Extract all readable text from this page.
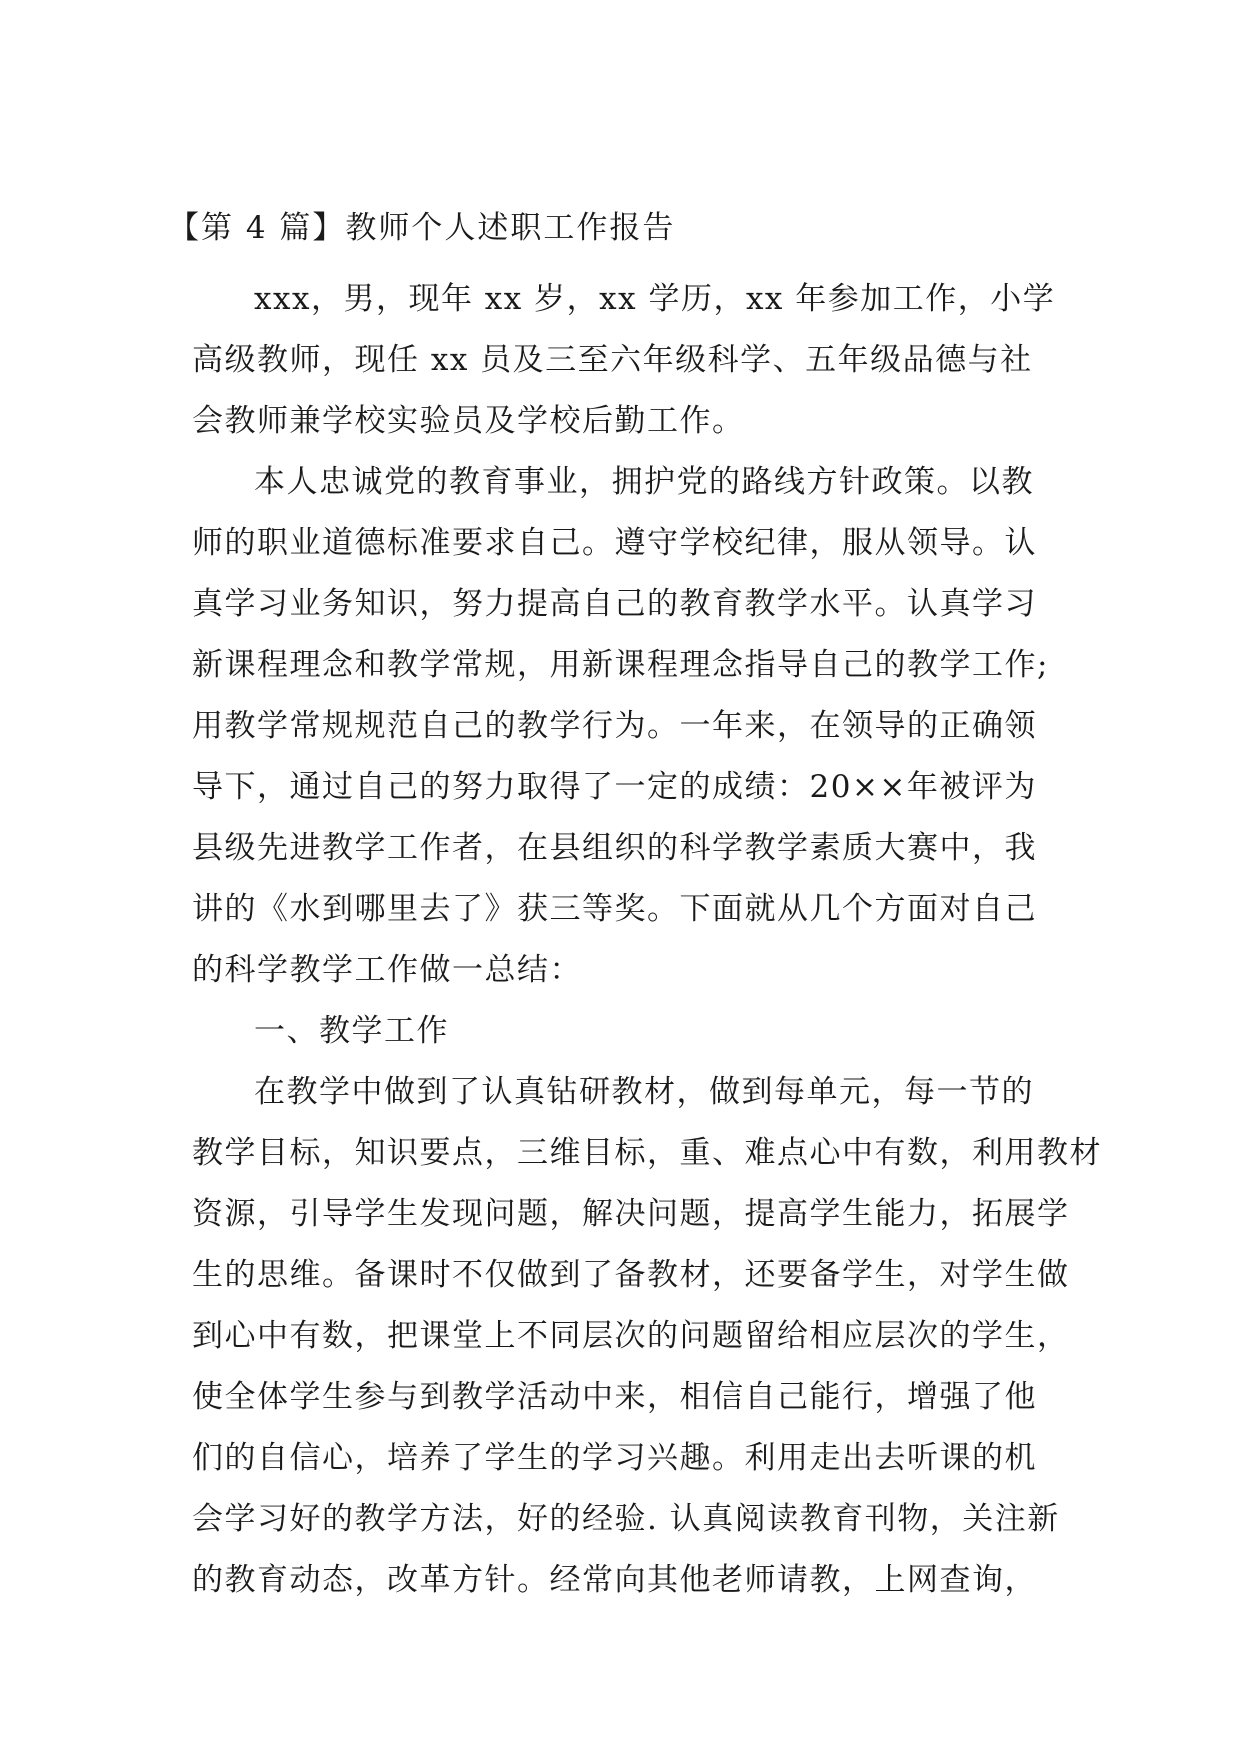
【第 4 篇】教师个人述职工作报告

xxx，男，现年 xx 岁，xx 学历，xx 年参加工作，小学
高级教师，现任 xx 员及三至六年级科学、五年级品德与社
会教师兼学校实验员及学校后勤工作。

本人忠诚党的教育事业，拥护党的路线方针政策。以教
师的职业道德标准要求自己。遵守学校纪律，服从领导。认
真学习业务知识，努力提高自己的教育教学水平。认真学习
新课程理念和教学常规，用新课程理念指导自己的教学工作;
用教学常规规范自己的教学行为。一年来，在领导的正确领
导下，通过自己的努力取得了一定的成绩：20××年被评为
县级先进教学工作者，在县组织的科学教学素质大赛中，我
讲的《水到哪里去了》获三等奖。下面就从几个方面对自己
的科学教学工作做一总结：

一、教学工作

在教学中做到了认真钻研教材，做到每单元，每一节的
教学目标，知识要点，三维目标，重、难点心中有数，利用教材
资源，引导学生发现问题，解决问题，提高学生能力，拓展学
生的思维。备课时不仅做到了备教材，还要备学生，对学生做
到心中有数，把课堂上不同层次的问题留给相应层次的学生，
使全体学生参与到教学活动中来，相信自己能行，增强了他
们的自信心，培养了学生的学习兴趣。利用走出去听课的机
会学习好的教学方法，好的经验. 认真阅读教育刊物，关注新
的教育动态，改革方针。经常向其他老师请教，上网查询，
